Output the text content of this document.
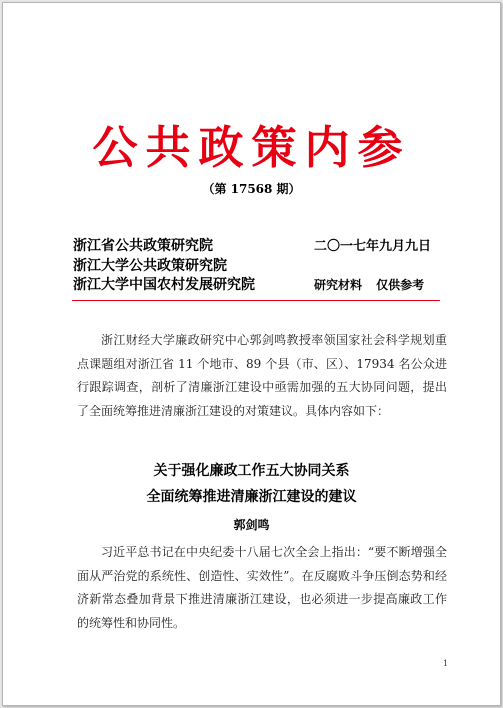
公共政策内参
（第 17568 期）
浙江省公共政策研究院
浙江大学公共政策研究院
浙江大学中国农村发展研究院
二〇一七年九月九日
研究材料 仅供参考

浙江财经大学廉政研究中心郭剑鸣教授率领国家社会科学规划重点课题组对浙江省 11 个地市、89 个县（市、区）、17934 名公众进行跟踪调查，剖析了清廉浙江建设中亟需加强的五大协同问题，提出了全面统筹推进清廉浙江建设的对策建议。具体内容如下：

关于强化廉政工作五大协同关系
全面统筹推进清廉浙江建设的建议
郭剑鸣

习近平总书记在中央纪委十八届七次全会上指出：“要不断增强全面从严治党的系统性、创造性、实效性”。在反腐败斗争压倒态势和经济新常态叠加背景下推进清廉浙江建设，也必须进一步提高廉政工作的统筹性和协同性。

1
